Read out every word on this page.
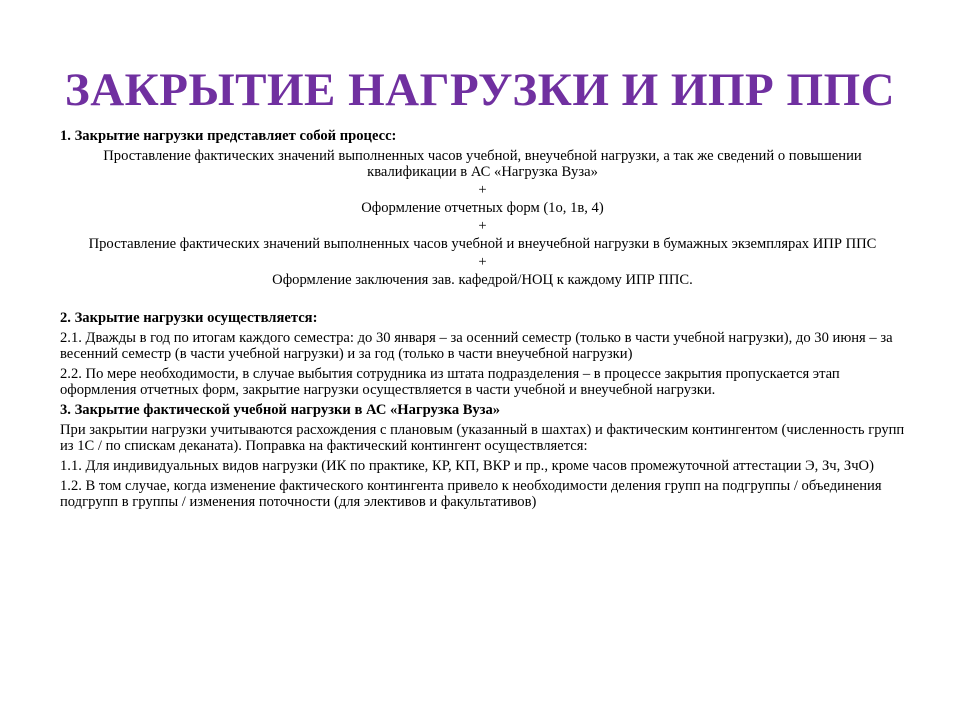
ЗАКРЫТИЕ НАГРУЗКИ И ИПР ППС

1. Закрытие нагрузки представляет собой процесс:

Проставление фактических значений выполненных часов учебной, внеучебной нагрузки, а так же сведений о повышении квалификации в АС «Нагрузка Вуза»

+

Оформление отчетных форм (1о, 1в, 4)

+

Проставление фактических значений выполненных часов учебной и внеучебной нагрузки в бумажных экземплярах ИПР ППС

+

Оформление заключения зав. кафедрой/НОЦ к каждому ИПР ППС.

2. Закрытие нагрузки осуществляется:

2.1. Дважды в год по итогам каждого семестра: до 30 января – за осенний семестр (только в части учебной нагрузки), до 30 июня – за весенний семестр (в части учебной нагрузки) и за год (только в части внеучебной нагрузки)

2.2. По мере необходимости, в случае выбытия сотрудника из штата подразделения – в процессе закрытия пропускается этап оформления отчетных форм, закрытие нагрузки осуществляется в части учебной и внеучебной нагрузки.

3. Закрытие фактической учебной нагрузки в АС «Нагрузка Вуза»

При закрытии нагрузки учитываются расхождения с плановым (указанный в шахтах) и фактическим контингентом (численность групп из 1С / по спискам деканата). Поправка на фактический контингент осуществляется:

1.1. Для индивидуальных видов нагрузки (ИК по практике, КР, КП, ВКР и пр., кроме часов промежуточной аттестации Э, Зч, ЗчО)

1.2. В том случае, когда изменение фактического контингента привело к необходимости деления групп на подгруппы / объединения подгрупп в группы / изменения поточности (для элективов и факультативов)
